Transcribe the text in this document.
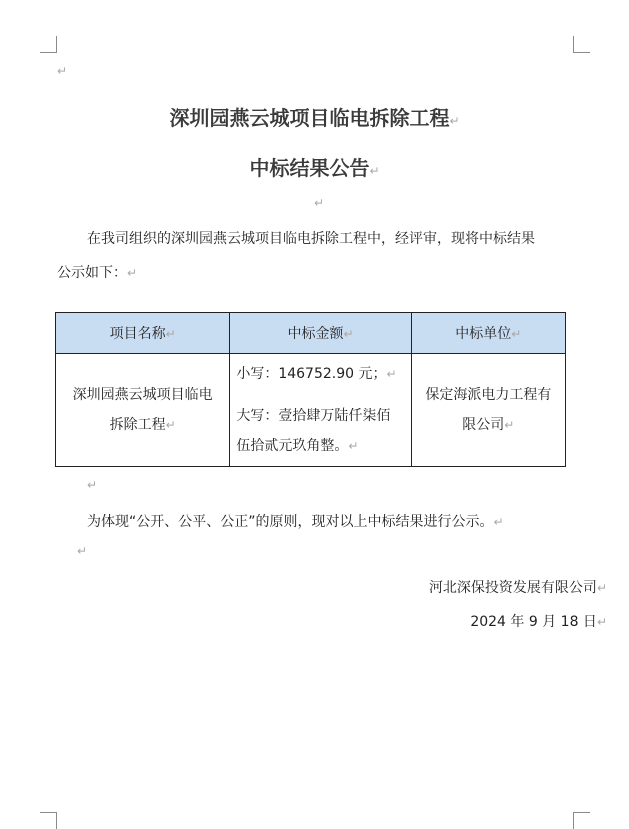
↵
深圳园燕云城项目临电拆除工程↵
中标结果公告↵
↵
在我司组织的深圳园燕云城项目临电拆除工程中，经评审，现将中标结果
公示如下：↵
项目名称↵	中标金额↵	中标单位↵
深圳园燕云城项目临电
拆除工程↵	小写：146752.90 元；↵
大写：壹拾肆万陆仟柒佰
伍拾贰元玖角整。↵	保定海派电力工程有
限公司↵
↵
为体现“公开、公平、公正”的原则，现对以上中标结果进行公示。↵
↵
河北深保投资发展有限公司↵
2024 年 9 月 18 日↵
